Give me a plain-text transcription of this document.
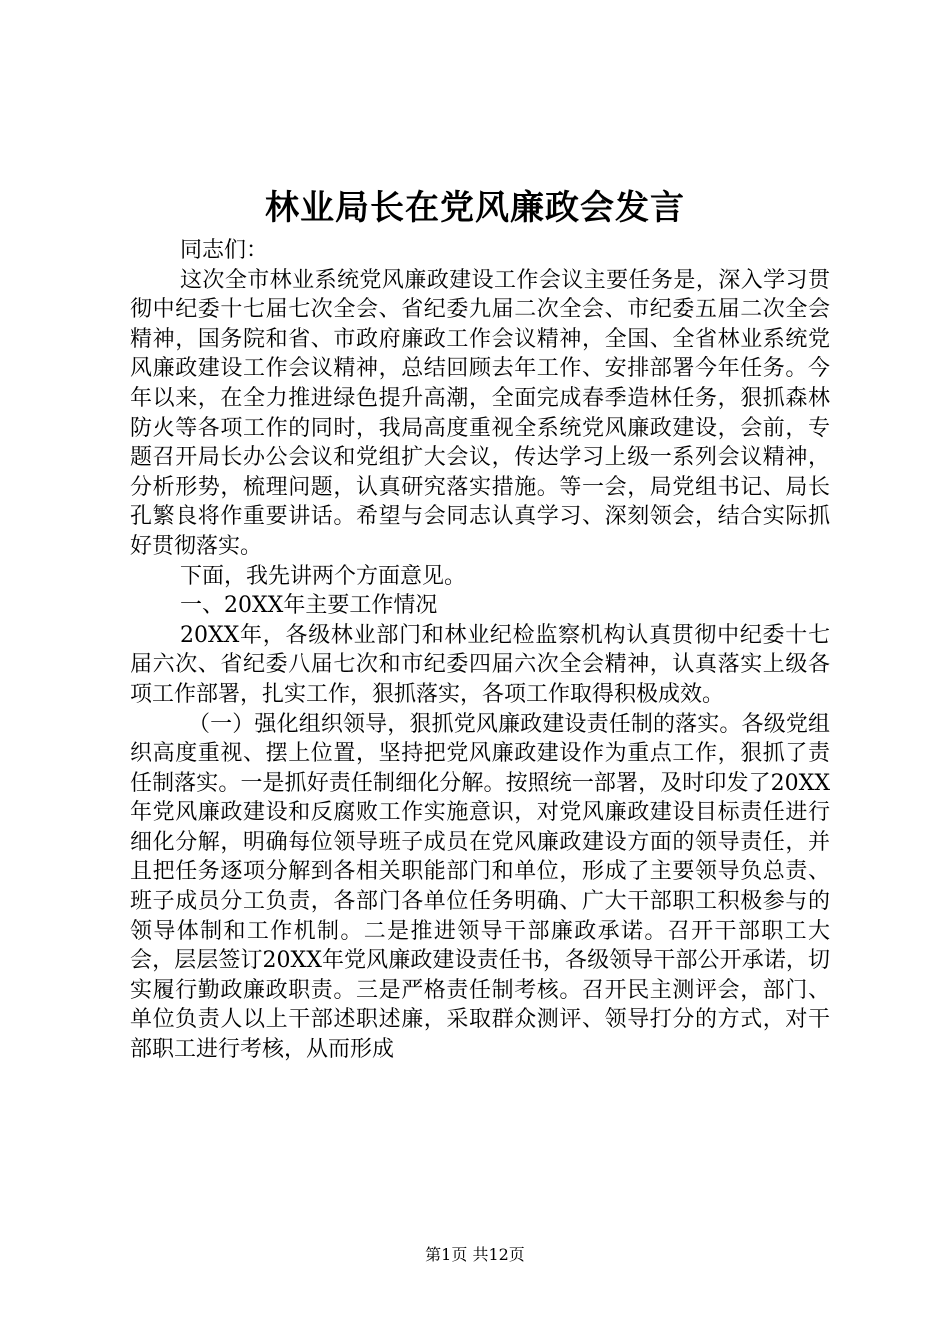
林业局长在党风廉政会发言

同志们：

这次全市林业系统党风廉政建设工作会议主要任务是，深入学习贯彻中纪委十七届七次全会、省纪委九届二次全会、市纪委五届二次全会精神，国务院和省、市政府廉政工作会议精神，全国、全省林业系统党风廉政建设工作会议精神，总结回顾去年工作、安排部署今年任务。今年以来，在全力推进绿色提升高潮，全面完成春季造林任务，狠抓森林防火等各项工作的同时，我局高度重视全系统党风廉政建设，会前，专题召开局长办公会议和党组扩大会议，传达学习上级一系列会议精神，分析形势，梳理问题，认真研究落实措施。等一会，局党组书记、局长孔繁良将作重要讲话。希望与会同志认真学习、深刻领会，结合实际抓好贯彻落实。

下面，我先讲两个方面意见。

一、20XX年主要工作情况

20XX年，各级林业部门和林业纪检监察机构认真贯彻中纪委十七届六次、省纪委八届七次和市纪委四届六次全会精神，认真落实上级各项工作部署，扎实工作，狠抓落实，各项工作取得积极成效。

（一）强化组织领导，狠抓党风廉政建设责任制的落实。各级党组织高度重视、摆上位置，坚持把党风廉政建设作为重点工作，狠抓了责任制落实。一是抓好责任制细化分解。按照统一部署，及时印发了20XX年党风廉政建设和反腐败工作实施意识，对党风廉政建设目标责任进行细化分解，明确每位领导班子成员在党风廉政建设方面的领导责任，并且把任务逐项分解到各相关职能部门和单位，形成了主要领导负总责、班子成员分工负责，各部门各单位任务明确、广大干部职工积极参与的领导体制和工作机制。二是推进领导干部廉政承诺。召开干部职工大会，层层签订20XX年党风廉政建设责任书，各级领导干部公开承诺，切实履行勤政廉政职责。三是严格责任制考核。召开民主测评会，部门、单位负责人以上干部述职述廉，采取群众测评、领导打分的方式，对干部职工进行考核，从而形成

第1页 共12页
